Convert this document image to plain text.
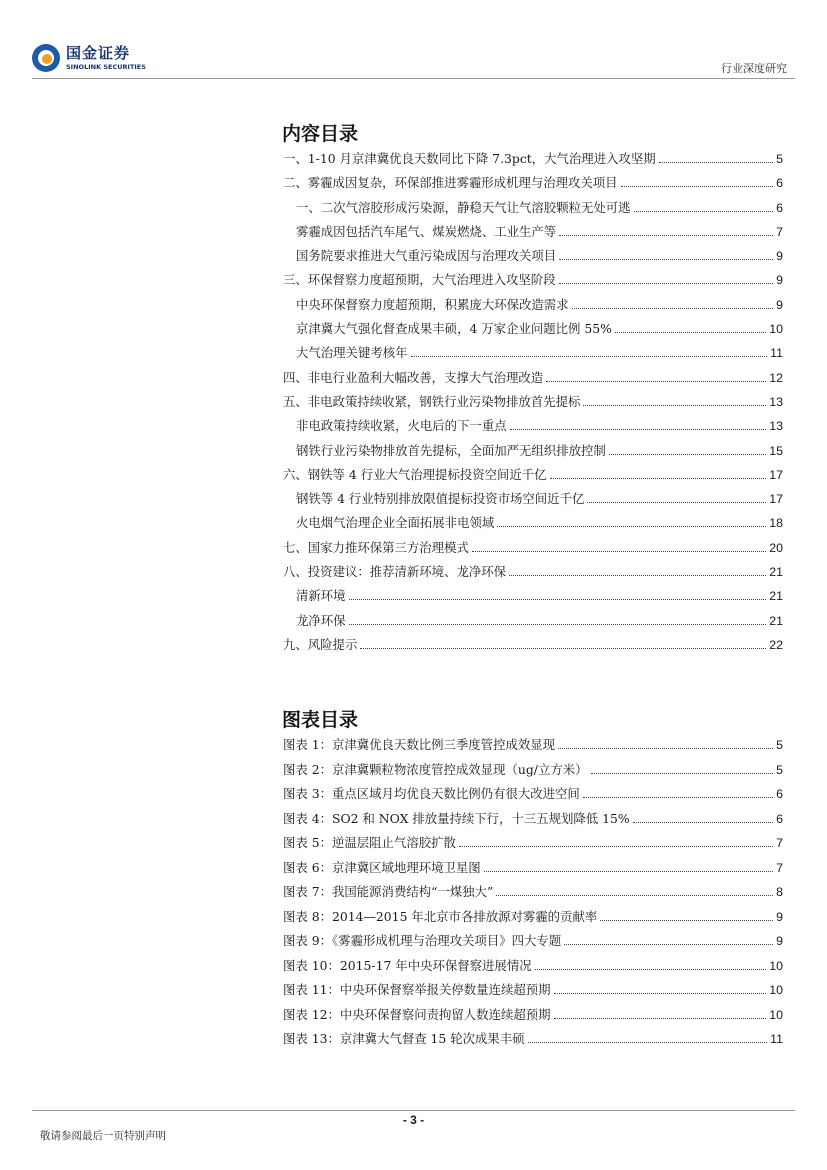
国金证券
SINOLINK SECURITIES	行业深度研究
内容目录
一、1-10 月京津冀优良天数同比下降 7.3pct，大气治理进入攻坚期	5
二、雾霾成因复杂，环保部推进雾霾形成机理与治理攻关项目	6
一、二次气溶胶形成污染源，静稳天气让气溶胶颗粒无处可逃	6
雾霾成因包括汽车尾气、煤炭燃烧、工业生产等	7
国务院要求推进大气重污染成因与治理攻关项目	9
三、环保督察力度超预期，大气治理进入攻坚阶段	9
中央环保督察力度超预期，积累庞大环保改造需求	9
京津冀大气强化督查成果丰硕，4 万家企业问题比例 55%	10
大气治理关键考核年	11
四、非电行业盈利大幅改善，支撑大气治理改造	12
五、非电政策持续收紧，钢铁行业污染物排放首先提标	13
非电政策持续收紧，火电后的下一重点	13
钢铁行业污染物排放首先提标，全面加严无组织排放控制	15
六、钢铁等 4 行业大气治理提标投资空间近千亿	17
钢铁等 4 行业特别排放限值提标投资市场空间近千亿	17
火电烟气治理企业全面拓展非电领域	18
七、国家力推环保第三方治理模式	20
八、投资建议：推荐清新环境、龙净环保	21
清新环境	21
龙净环保	21
九、风险提示	22
图表目录
图表 1：京津冀优良天数比例三季度管控成效显现	5
图表 2：京津冀颗粒物浓度管控成效显现（ug/立方米）	5
图表 3：重点区域月均优良天数比例仍有很大改进空间	6
图表 4：SO2 和 NOX 排放量持续下行，十三五规划降低 15%	6
图表 5：逆温层阻止气溶胶扩散	7
图表 6：京津冀区域地理环境卫星图	7
图表 7：我国能源消费结构“一煤独大”	8
图表 8：2014—2015 年北京市各排放源对雾霾的贡献率	9
图表 9：《雾霾形成机理与治理攻关项目》四大专题	9
图表 10：2015-17 年中央环保督察进展情况	10
图表 11：中央环保督察举报关停数量连续超预期	10
图表 12：中央环保督察问责拘留人数连续超预期	10
图表 13：京津冀大气督查 15 轮次成果丰硕	11
- 3 -
敬请参阅最后一页特别声明
